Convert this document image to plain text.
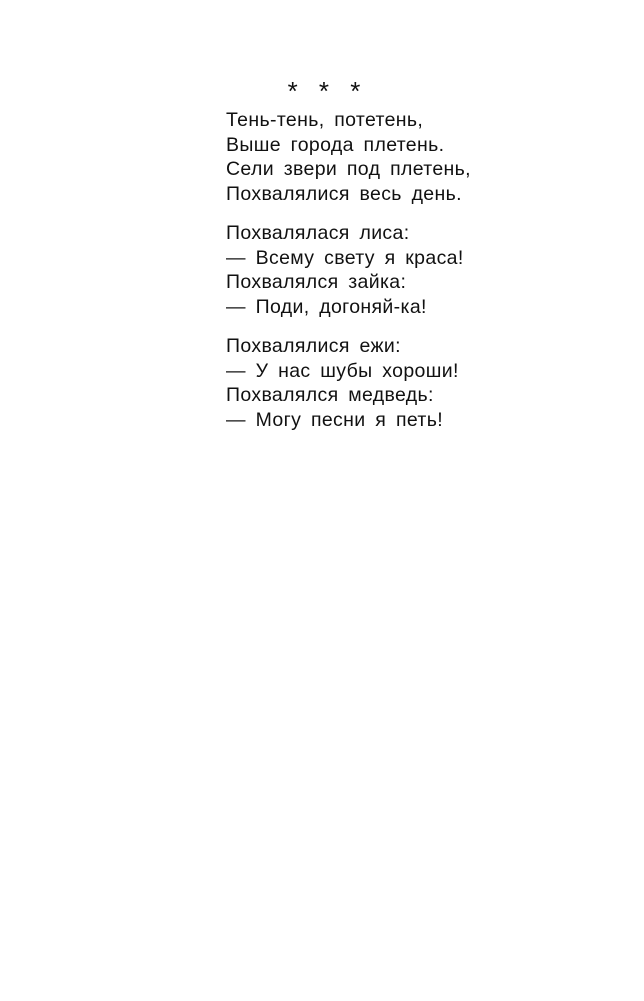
* * *
Тень-тень, потетень,
Выше города плетень.
Сели звери под плетень,
Похвалялися весь день.
Похвалялася лиса:
— Всему свету я краса!
Похвалялся зайка:
— Поди, догоняй-ка!
Похвалялися ежи:
— У нас шубы хороши!
Похвалялся медведь:
— Могу песни я петь!
